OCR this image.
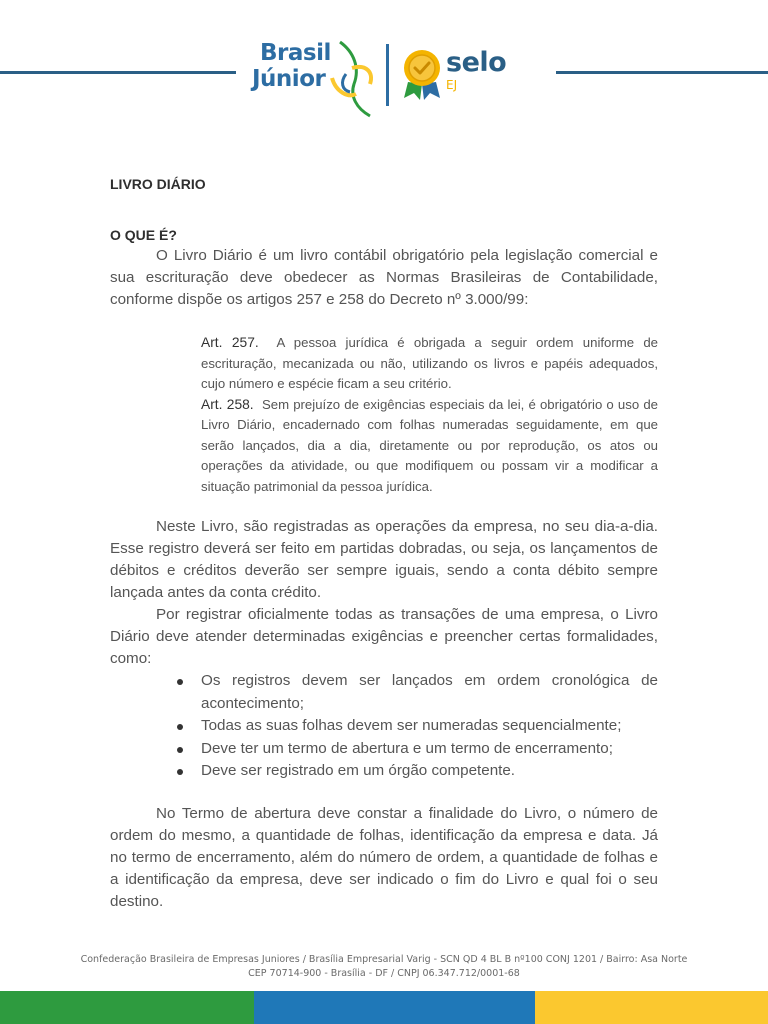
Brasil
Júnior
selo
EJ
LIVRO DIÁRIO
O QUE É?

O Livro Diário é um livro contábil obrigatório pela legislação comercial e sua escrituração deve obedecer as Normas Brasileiras de Contabilidade, conforme dispõe os artigos 257 e 258 do Decreto nº 3.000/99:

Art. 257. A pessoa jurídica é obrigada a seguir ordem uniforme de escrituração, mecanizada ou não, utilizando os livros e papéis adequados, cujo número e espécie ficam a seu critério.

Art. 258. Sem prejuízo de exigências especiais da lei, é obrigatório o uso de Livro Diário, encadernado com folhas numeradas seguidamente, em que serão lançados, dia a dia, diretamente ou por reprodução, os atos ou operações da atividade, ou que modifiquem ou possam vir a modificar a situação patrimonial da pessoa jurídica.

Neste Livro, são registradas as operações da empresa, no seu dia-a-dia. Esse registro deverá ser feito em partidas dobradas, ou seja, os lançamentos de débitos e créditos deverão ser sempre iguais, sendo a conta débito sempre lançada antes da conta crédito.

Por registrar oficialmente todas as transações de uma empresa, o Livro Diário deve atender determinadas exigências e preencher certas formalidades, como:

Os registros devem ser lançados em ordem cronológica de acontecimento;
Todas as suas folhas devem ser numeradas sequencialmente;
Deve ter um termo de abertura e um termo de encerramento;
Deve ser registrado em um órgão competente.

No Termo de abertura deve constar a finalidade do Livro, o número de ordem do mesmo, a quantidade de folhas, identificação da empresa e data. Já no termo de encerramento, além do número de ordem, a quantidade de folhas e a identificação da empresa, deve ser indicado o fim do Livro e qual foi o seu destino.

Confederação Brasileira de Empresas Juniores / Brasília Empresarial Varig - SCN QD 4 BL B nº100 CONJ 1201 / Bairro: Asa Norte
CEP 70714-900 - Brasília - DF / CNPJ 06.347.712/0001-68
